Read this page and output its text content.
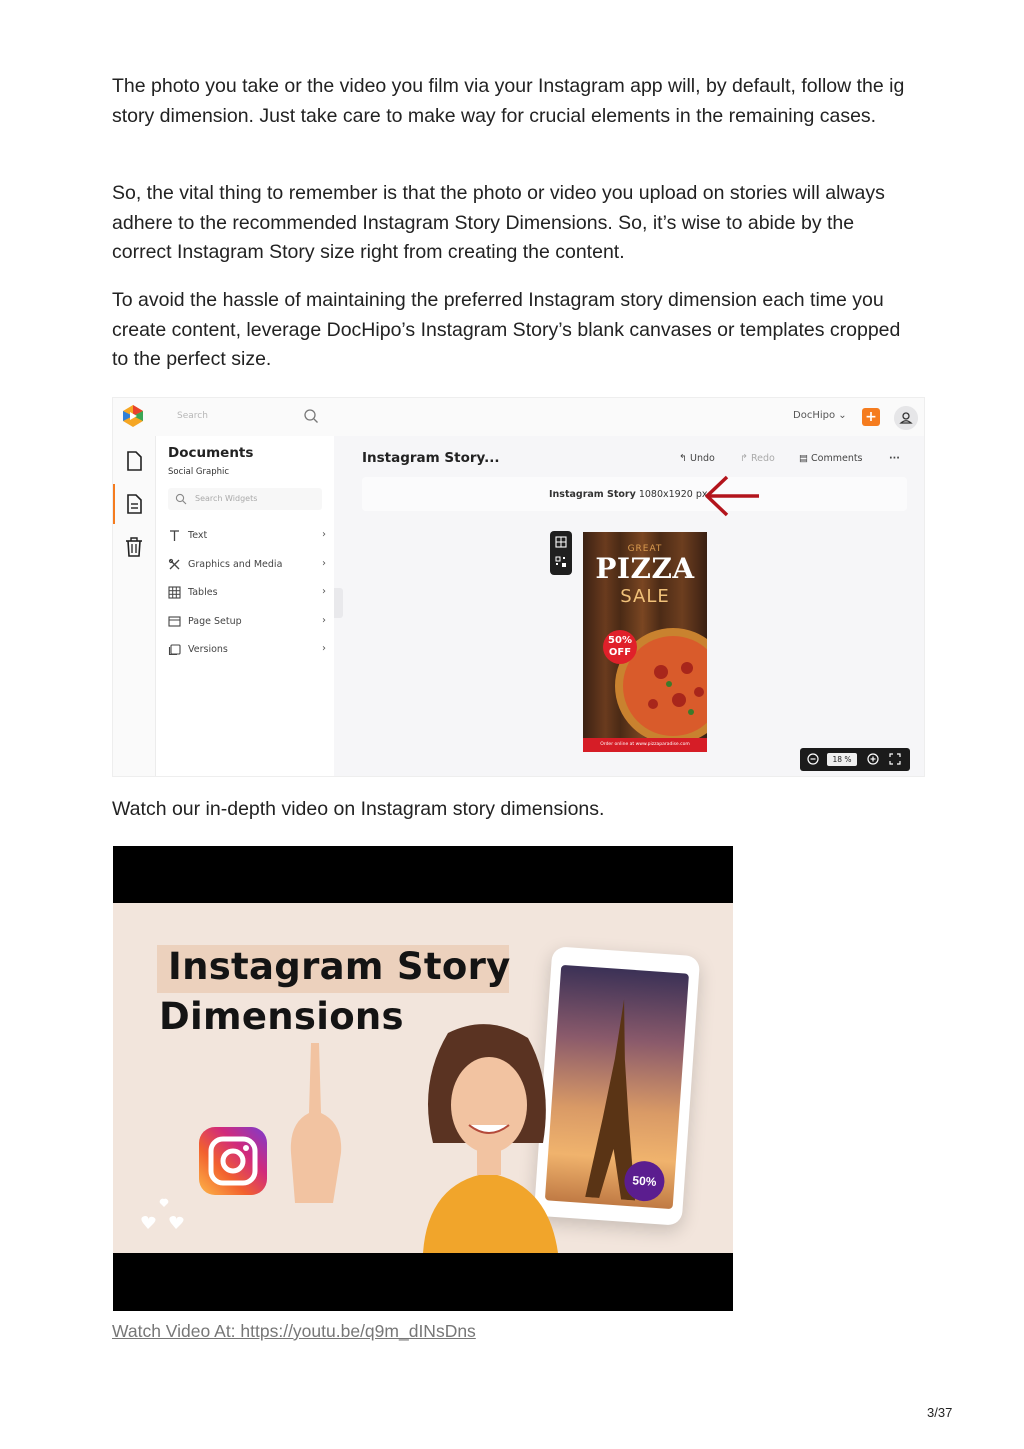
The photo you take or the video you film via your Instagram app will, by default, follow the ig story dimension. Just take care to make way for crucial elements in the remaining cases.

So, the vital thing to remember is that the photo or video you upload on stories will always adhere to the recommended Instagram Story Dimensions. So, it’s wise to abide by the correct Instagram Story size right from creating the content.

To avoid the hassle of maintaining the preferred Instagram story dimension each time you create content, leverage DocHipo’s Instagram Story’s blank canvases or templates cropped to the perfect size.

Search	DocHipo ⌄ +
Documents
Social Graphic
Search Widgets
Text	›
Graphics and Media	›
Tables	›
Page Setup	›
Versions	›
Instagram Story...	↰ Undo	↱ Redo	▤ Comments	···
Instagram Story 1080x1920 px
GREAT
PIZZA
SALE
50%
OFF
Order online at www.pizzaparadise.com
18 %

Watch our in-depth video on Instagram story dimensions.

Instagram Story
Dimensions
50%
Watch Video At: https://youtu.be/q9m_dINsDns
3/37
